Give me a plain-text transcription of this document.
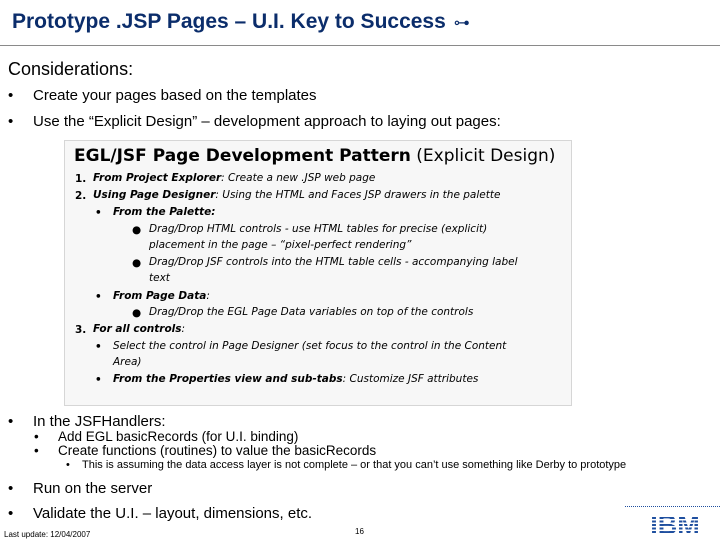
Prototype .JSP Pages – U.I. Key to Success ⊶
Considerations:
• Create your pages based on the templates
• Use the “Explicit Design” – development approach to laying out pages:
EGL/JSF Page Development Pattern (Explicit Design)
1. From Project Explorer: Create a new .JSP web page
2. Using Page Designer: Using the HTML and Faces JSP drawers in the palette
• From the Palette:
● Drag/Drop HTML controls - use HTML tables for precise (explicit)
placement in the page – “pixel-perfect rendering”
● Drag/Drop JSF controls into the HTML table cells - accompanying label
text
• From Page Data:
● Drag/Drop the EGL Page Data variables on top of the controls
3. For all controls:
• Select the control in Page Designer (set focus to the control in the Content
Area)
• From the Properties view and sub-tabs: Customize JSF attributes
• In the JSFHandlers:
• Add EGL basicRecords (for U.I. binding)
• Create functions (routines) to value the basicRecords
• This is assuming the data access layer is not complete – or that you can’t use something like Derby to prototype
• Run on the server
• Validate the U.I. – layout, dimensions, etc.
Last update: 12/04/2007	16	IBM
